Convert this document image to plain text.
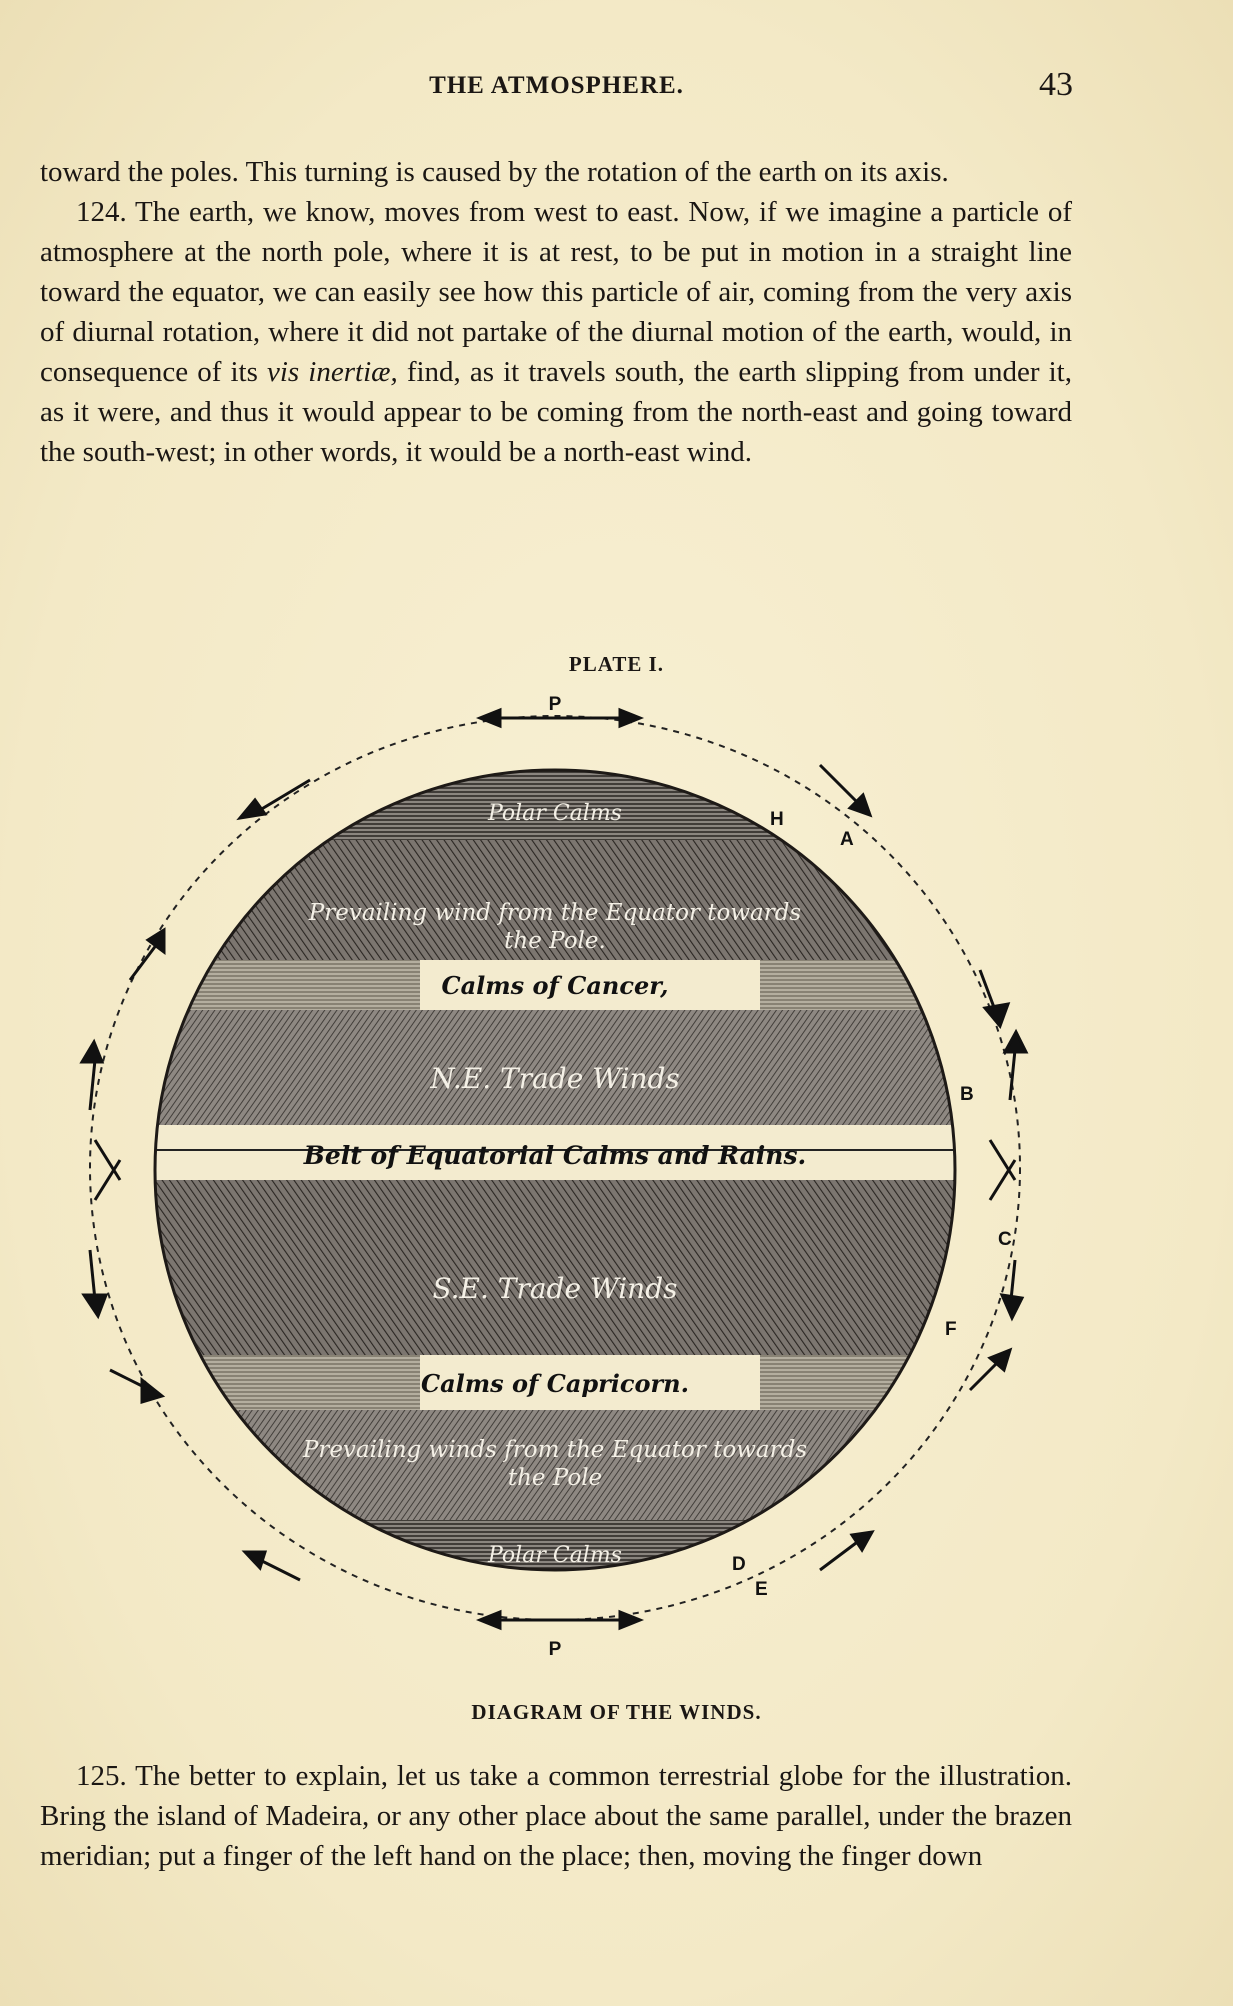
THE ATMOSPHERE.	43

toward the poles. This turning is caused by the rotation of the earth on its axis.

124. The earth, we know, moves from west to east. Now, if we imagine a particle of atmosphere at the north pole, where it is at rest, to be put in motion in a straight line toward the equator, we can easily see how this particle of air, coming from the very axis of diurnal rotation, where it did not partake of the diurnal motion of the earth, would, in consequence of its vis inertiæ, find, as it travels south, the earth slipping from under it, as it were, and thus it would appear to be coming from the north-east and going toward the south-west; in other words, it would be a north-east wind.

PLATE I.
Polar Calms
Prevailing wind from the Equator towards
the Pole.
Calms of Cancer,
N.E. Trade Winds
Belt of Equatorial Calms and Rains.
S.E. Trade Winds
Calms of Capricorn.
Prevailing winds from the Equator towards
the Pole
Polar Calms
P
H
A
B
C
F
D
E
P
DIAGRAM OF THE WINDS.

125. The better to explain, let us take a common terrestrial globe for the illustration. Bring the island of Madeira, or any other place about the same parallel, under the brazen meridian; put a finger of the left hand on the place; then, moving the finger down
